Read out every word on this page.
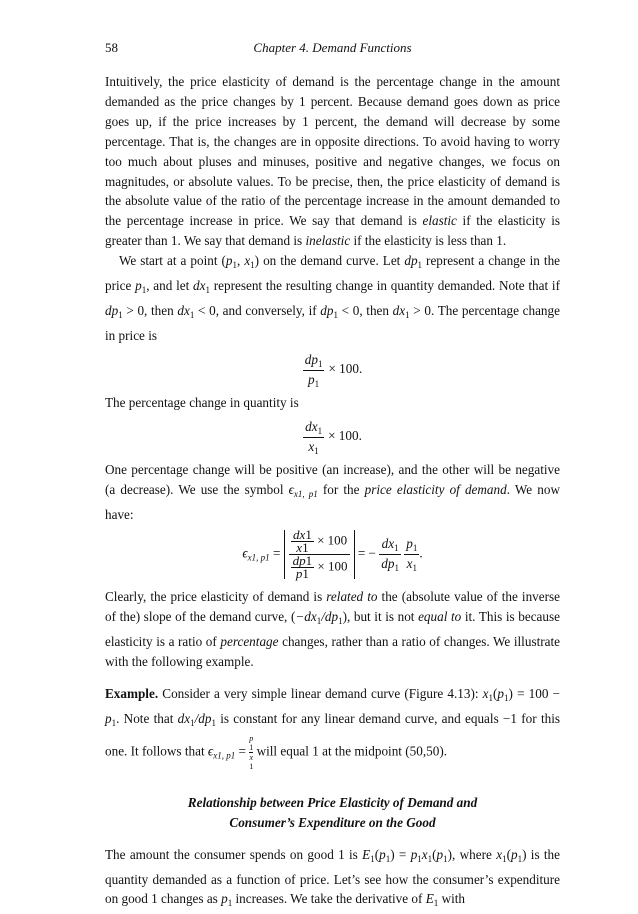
58	Chapter 4. Demand Functions

Intuitively, the price elasticity of demand is the percentage change in the amount demanded as the price changes by 1 percent. Because demand goes down as price goes up, if the price increases by 1 percent, the demand will decrease by some percentage. That is, the changes are in opposite directions. To avoid having to worry too much about pluses and minuses, positive and negative changes, we focus on magnitudes, or absolute values. To be precise, then, the price elasticity of demand is the absolute value of the ratio of the percentage increase in the amount demanded to the percentage increase in price. We say that demand is elastic if the elasticity is greater than 1. We say that demand is inelastic if the elasticity is less than 1.

We start at a point ($p_1$, $x_1$) on the demand curve. Let $dp_1$ represent a change in the price $p_1$, and let $dx_1$ represent the resulting change in quantity demanded. Note that if $dp_1 > 0$, then $dx_1 < 0$, and conversely, if $dp_1 < 0$, then $dx_1 > 0$. The percentage change in price is

$\frac{dp_1}{p_1} \times 100$.

The percentage change in quantity is

$\frac{dx_1}{x_1} \times 100$.

One percentage change will be positive (an increase), and the other will be negative (a decrease). We use the symbol $\epsilon_{x1, p1}$ for the price elasticity of demand. We now have:

$\epsilon_{x1, p1} = \frac{\frac{dx1}{x1} \times 100}{\frac{dp1}{p1} \times 100}$ = − $\frac{dx_1}{dp_1}$
$\frac{p_1}{x_1}$ .

Clearly, the price elasticity of demand is related to the (absolute value of the inverse of the) slope of the demand curve, $(-dx_1/dp_1)$, but it is not equal to it. This is because elasticity is a ratio of percentage changes, rather than a ratio of changes. We illustrate with the following example.

Example. Consider a very simple linear demand curve (Figure 4.13): $x_1(p_1) = 100 - p_1$. Note that $dx_1/dp_1$ is constant for any linear demand curve, and equals −1 for this one. It follows that $\epsilon_{x1, p1} = p$
1
x
1 will equal 1 at the midpoint (50,50).

Relationship between Price Elasticity of Demand and
Consumer’s Expenditure on the Good

The amount the consumer spends on good 1 is $E_1(p_1) = p_1x_1(p_1)$, where $x_1(p_1)$ is the quantity demanded as a function of price. Let’s see how the consumer’s expenditure on good 1 changes as $p_1$ increases. We take the derivative of $E_1$ with
